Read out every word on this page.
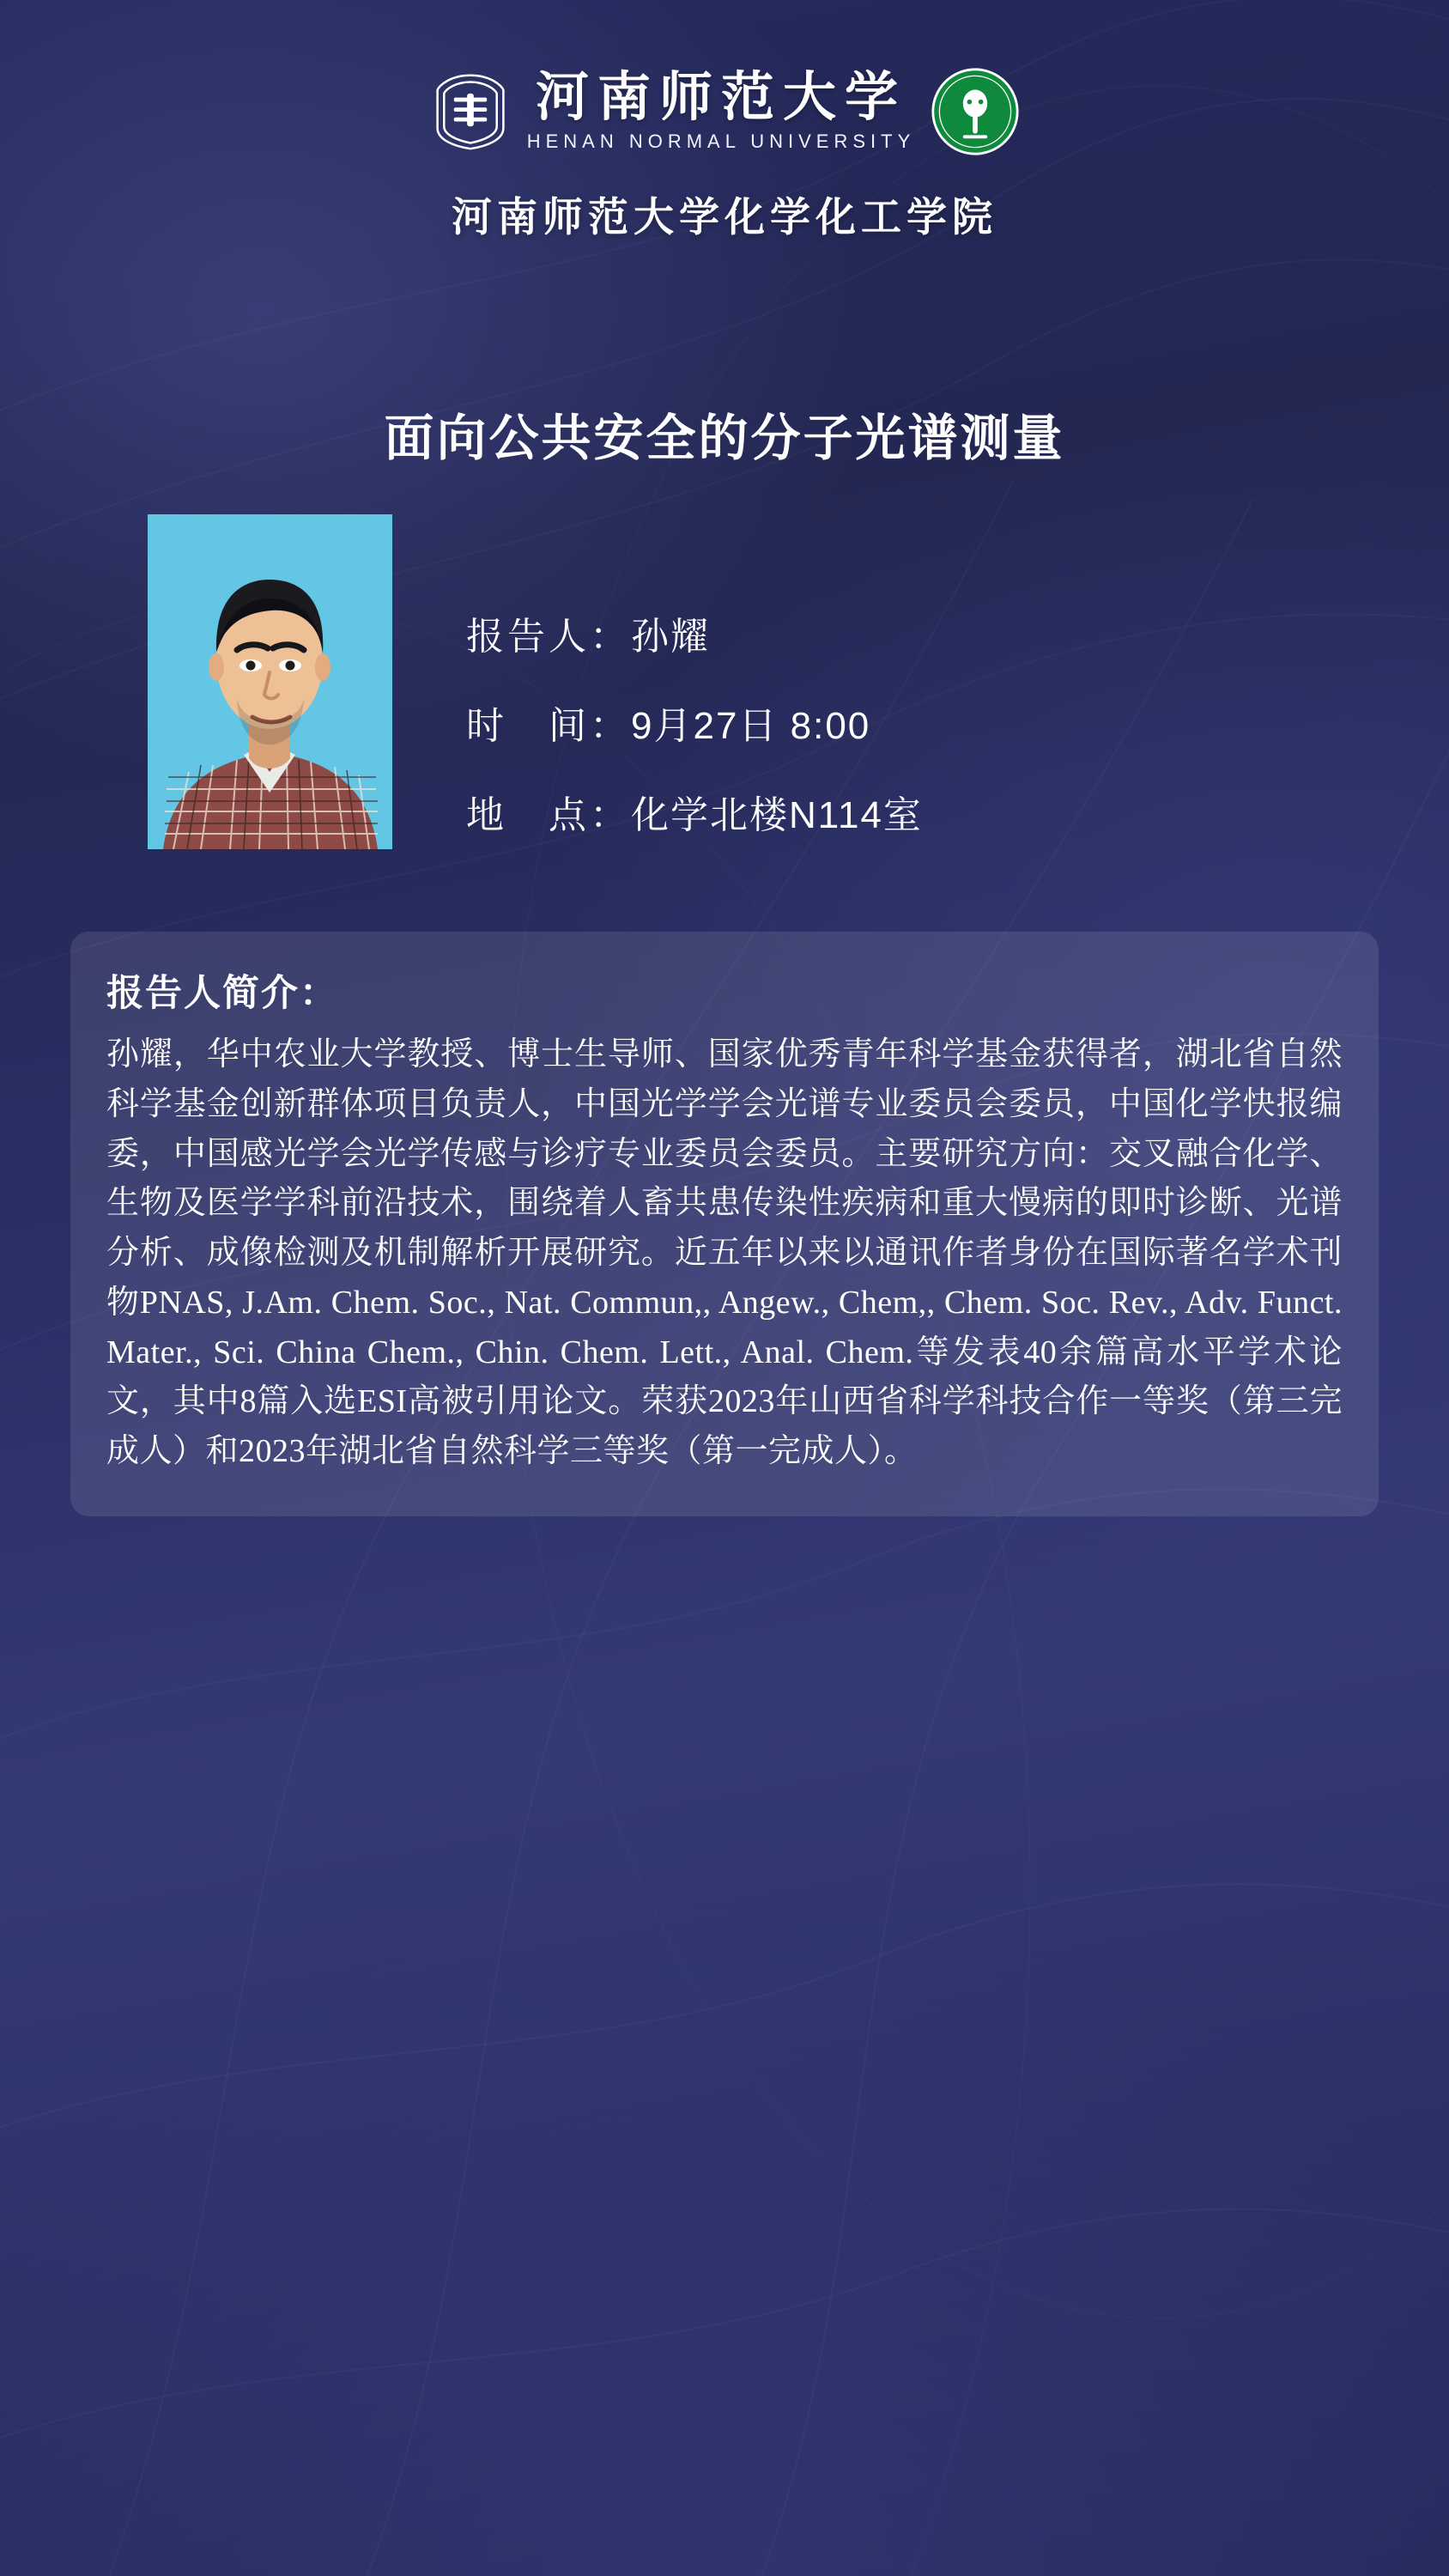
河南师范大学
HENAN NORMAL UNIVERSITY
河南师范大学化学化工学院
面向公共安全的分子光谱测量
报告人：孙耀
时　间：9月27日 8:00
地　点：化学北楼N114室
报告人简介：
孙耀，华中农业大学教授、博士生导师、国家优秀青年科学基金获得者，湖北省自然科学基金创新群体项目负责人，中国光学学会光谱专业委员会委员，中国化学快报编委，中国感光学会光学传感与诊疗专业委员会委员。主要研究方向：交叉融合化学、生物及医学学科前沿技术，围绕着人畜共患传染性疾病和重大慢病的即时诊断、光谱分析、成像检测及机制解析开展研究。近五年以来以通讯作者身份在国际著名学术刊物PNAS, J.Am. Chem. Soc., Nat. Commun,, Angew., Chem,, Chem. Soc. Rev., Adv. Funct. Mater., Sci. China Chem., Chin. Chem. Lett., Anal. Chem.等发表40余篇高水平学术论文，其中8篇入选ESI高被引用论文。荣获2023年山西省科学科技合作一等奖（第三完成人）和2023年湖北省自然科学三等奖（第一完成人）。
